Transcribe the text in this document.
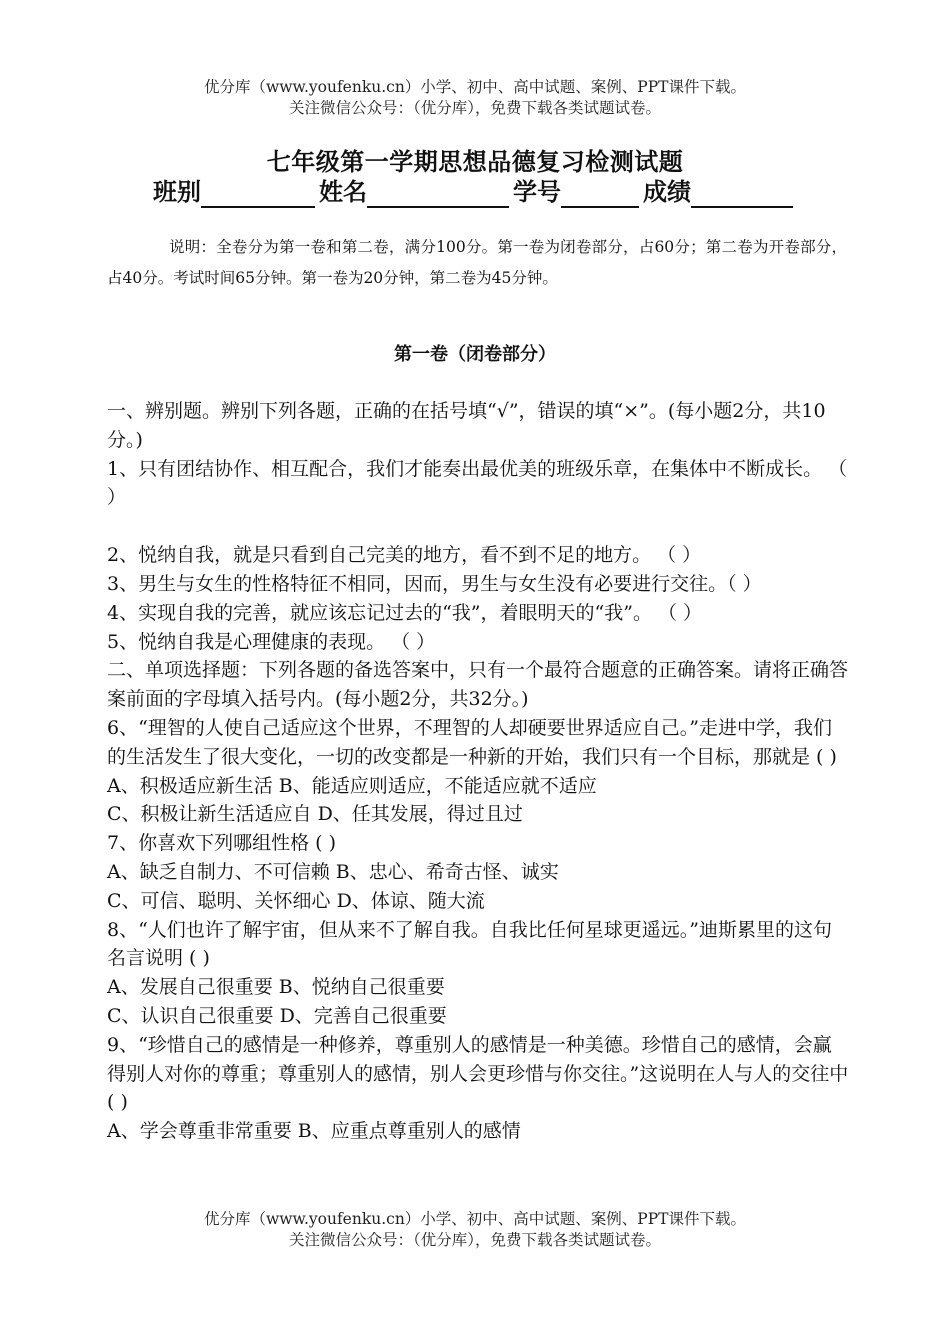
优分库（www.youfenku.cn）小学、初中、高中试题、案例、PPT课件下载。
关注微信公众号：（优分库），免费下载各类试题试卷。
七年级第一学期思想品德复习检测试题
班别	姓名	学号	成绩
说明：全卷分为第一卷和第二卷，满分100分。第一卷为闭卷部分，占60分；第二卷为开卷部分，占40分。考试时间65分钟。第一卷为20分钟，第二卷为45分钟。
第一卷（闭卷部分）

一、辨别题。辨别下列各题，正确的在括号填“√”，错误的填“×”。(每小题2分，共10分。)

1、只有团结协作、相互配合，我们才能奏出最优美的班级乐章，在集体中不断成长。 （ ）

2、悦纳自我，就是只看到自己完美的地方，看不到不足的地方。 （ ）

3、男生与女生的性格特征不相同，因而，男生与女生没有必要进行交往。（ ）

4、实现自我的完善，就应该忘记过去的“我”，着眼明天的“我”。 （ ）

5、悦纳自我是心理健康的表现。 （ ）

二、单项选择题：下列各题的备选答案中，只有一个最符合题意的正确答案。请将正确答案前面的字母填入括号内。(每小题2分，共32分。)

6、“理智的人使自己适应这个世界，不理智的人却硬要世界适应自己。”走进中学，我们的生活发生了很大变化，一切的改变都是一种新的开始，我们只有一个目标，那就是 ( )

A、积极适应新生活 B、能适应则适应，不能适应就不适应

C、积极让新生活适应自 D、任其发展，得过且过

7、你喜欢下列哪组性格 ( )

A、缺乏自制力、不可信赖 B、忠心、希奇古怪、诚实

C、可信、聪明、关怀细心 D、体谅、随大流

8、“人们也许了解宇宙，但从来不了解自我。自我比任何星球更遥远。”迪斯累里的这句名言说明 ( )

A、发展自己很重要 B、悦纳自己很重要

C、认识自己很重要 D、完善自己很重要

9、“珍惜自己的感情是一种修养，尊重别人的感情是一种美德。珍惜自己的感情，会赢得别人对你的尊重；尊重别人的感情，别人会更珍惜与你交往。”这说明在人与人的交往中 ( )

A、学会尊重非常重要 B、应重点尊重别人的感情

优分库（www.youfenku.cn）小学、初中、高中试题、案例、PPT课件下载。
关注微信公众号：（优分库），免费下载各类试题试卷。
